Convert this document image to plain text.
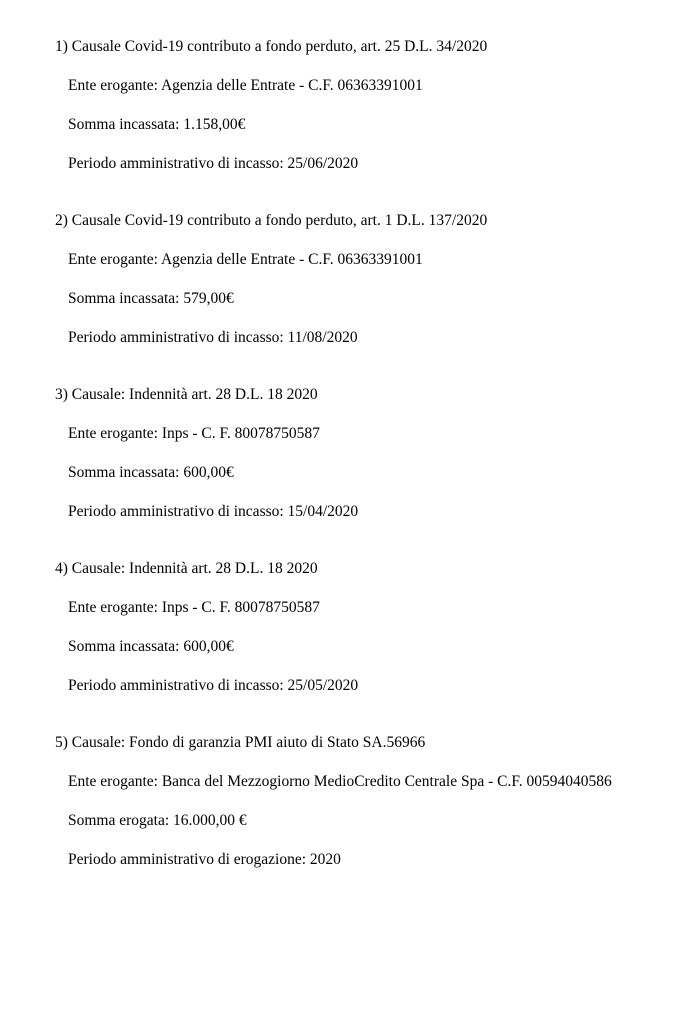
1) Causale Covid-19 contributo a fondo perduto, art. 25 D.L. 34/2020

Ente erogante: Agenzia delle Entrate - C.F. 06363391001

Somma incassata: 1.158,00€

Periodo amministrativo di incasso: 25/06/2020

2) Causale Covid-19 contributo a fondo perduto, art. 1 D.L. 137/2020

Ente erogante: Agenzia delle Entrate - C.F. 06363391001

Somma incassata: 579,00€

Periodo amministrativo di incasso: 11/08/2020

3) Causale: Indennità art. 28 D.L. 18 2020

Ente erogante: Inps - C. F. 80078750587

Somma incassata: 600,00€

Periodo amministrativo di incasso: 15/04/2020

4) Causale: Indennità art. 28 D.L. 18 2020

Ente erogante: Inps - C. F. 80078750587

Somma incassata: 600,00€

Periodo amministrativo di incasso: 25/05/2020

5) Causale: Fondo di garanzia PMI aiuto di Stato SA.56966

Ente erogante: Banca del Mezzogiorno MedioCredito Centrale Spa - C.F. 00594040586

Somma erogata: 16.000,00 €

Periodo amministrativo di erogazione: 2020
